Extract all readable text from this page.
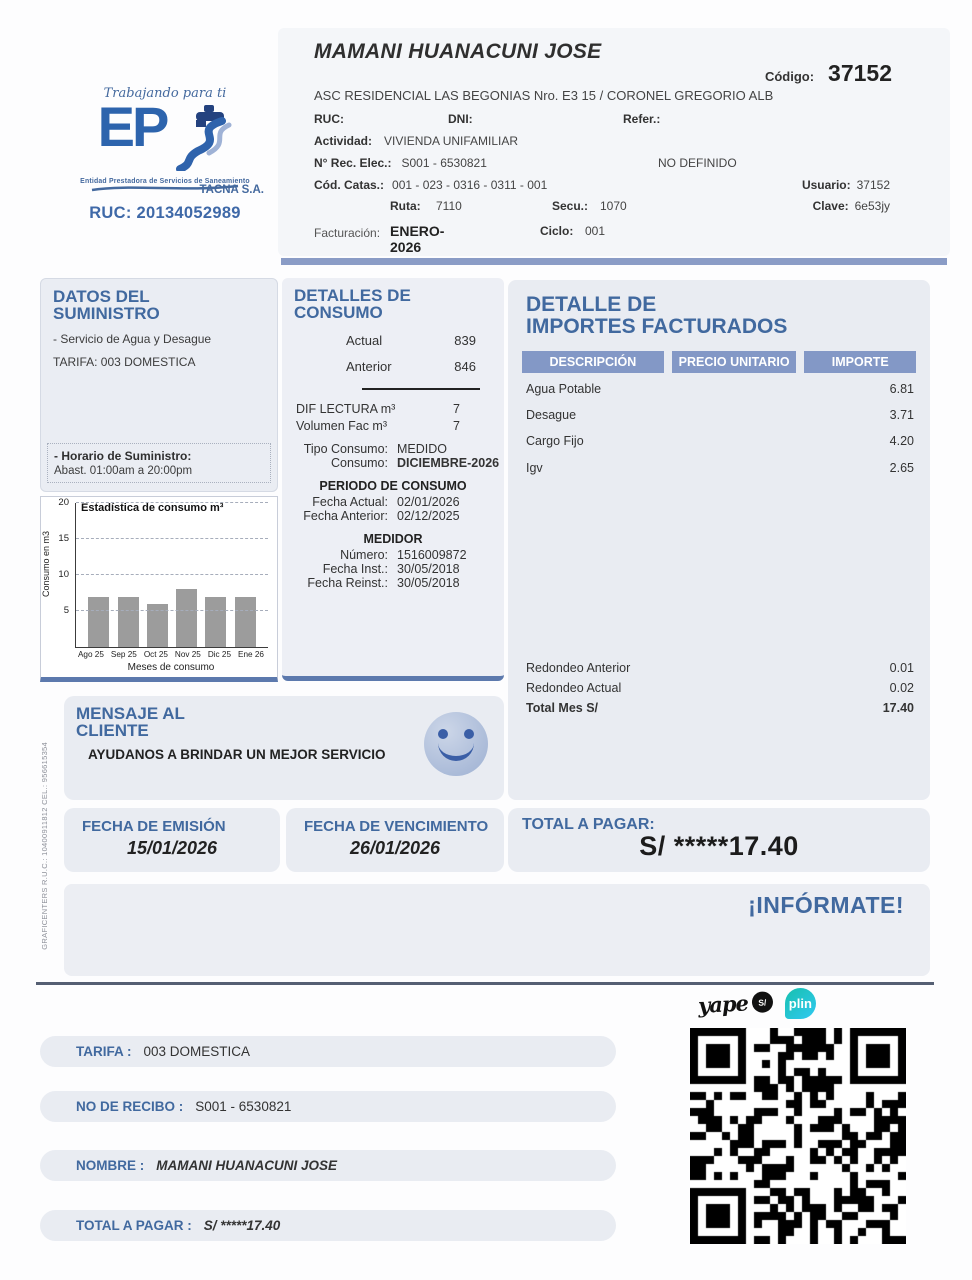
Trabajando para ti
EP
Entidad Prestadora de Servicios de Saneamiento
TACNA S.A.
RUC: 20134052989
MAMANI HUANACUNI JOSE
Código: 37152
ASC RESIDENCIAL LAS BEGONIAS Nro. E3 15 / CORONEL GREGORIO ALB
RUC:	DNI:	Refer.:
Actividad: VIVIENDA UNIFAMILIAR
N° Rec. Elec.: S001 - 6530821	NO DEFINIDO
Cód. Catas.: 001 - 023 - 0316 - 0311 - 001
Ruta: 7110	Secu.: 1070
Usuario: 37152
Clave: 6e53jy
Facturación: ENERO-2026
Ciclo: 001
DATOS DEL
SUMINISTRO
- Servicio de Agua y Desague
TARIFA: 003 DOMESTICA
- Horario de Suministro:
Abast. 01:00am a 20:00pm
Estadística de consumo m³
Consumo en m3
5
10
15
20
Ago 25 Sep 25 Oct 25 Nov 25 Dic 25 Ene 26
Meses de consumo
DETALLES DE
CONSUMO
Actual	839
Anterior	846
DIF LECTURA m³	7
Volumen Fac m³	7
Tipo Consumo: MEDIDO
Consumo: DICIEMBRE-2026
PERIODO DE CONSUMO
Fecha Actual: 02/01/2026
Fecha Anterior: 02/12/2025
MEDIDOR
Número: 1516009872
Fecha Inst.: 30/05/2018
Fecha Reinst.: 30/05/2018
DETALLE DE
IMPORTES FACTURADOS
DESCRIPCIÓN	PRECIO UNITARIO	IMPORTE
Agua Potable	6.81
Desague	3.71
Cargo Fijo	4.20
Igv	2.65
Redondeo Anterior	0.01
Redondeo Actual	0.02
Total Mes S/	17.40
MENSAJE AL
CLIENTE
AYUDANOS A BRINDAR UN MEJOR SERVICIO
FECHA DE EMISIÓN
15/01/2026
FECHA DE VENCIMIENTO
26/01/2026
TOTAL A PAGAR:
S/ *****17.40
¡INFÓRMATE!
yape	S/	plin
TARIFA : 003 DOMESTICA
NO DE RECIBO : S001 - 6530821
NOMBRE : MAMANI HUANACUNI JOSE
TOTAL A PAGAR : S/ *****17.40
GRAFICENTERS R.U.C.: 10400911812 CEL.: 956615354
